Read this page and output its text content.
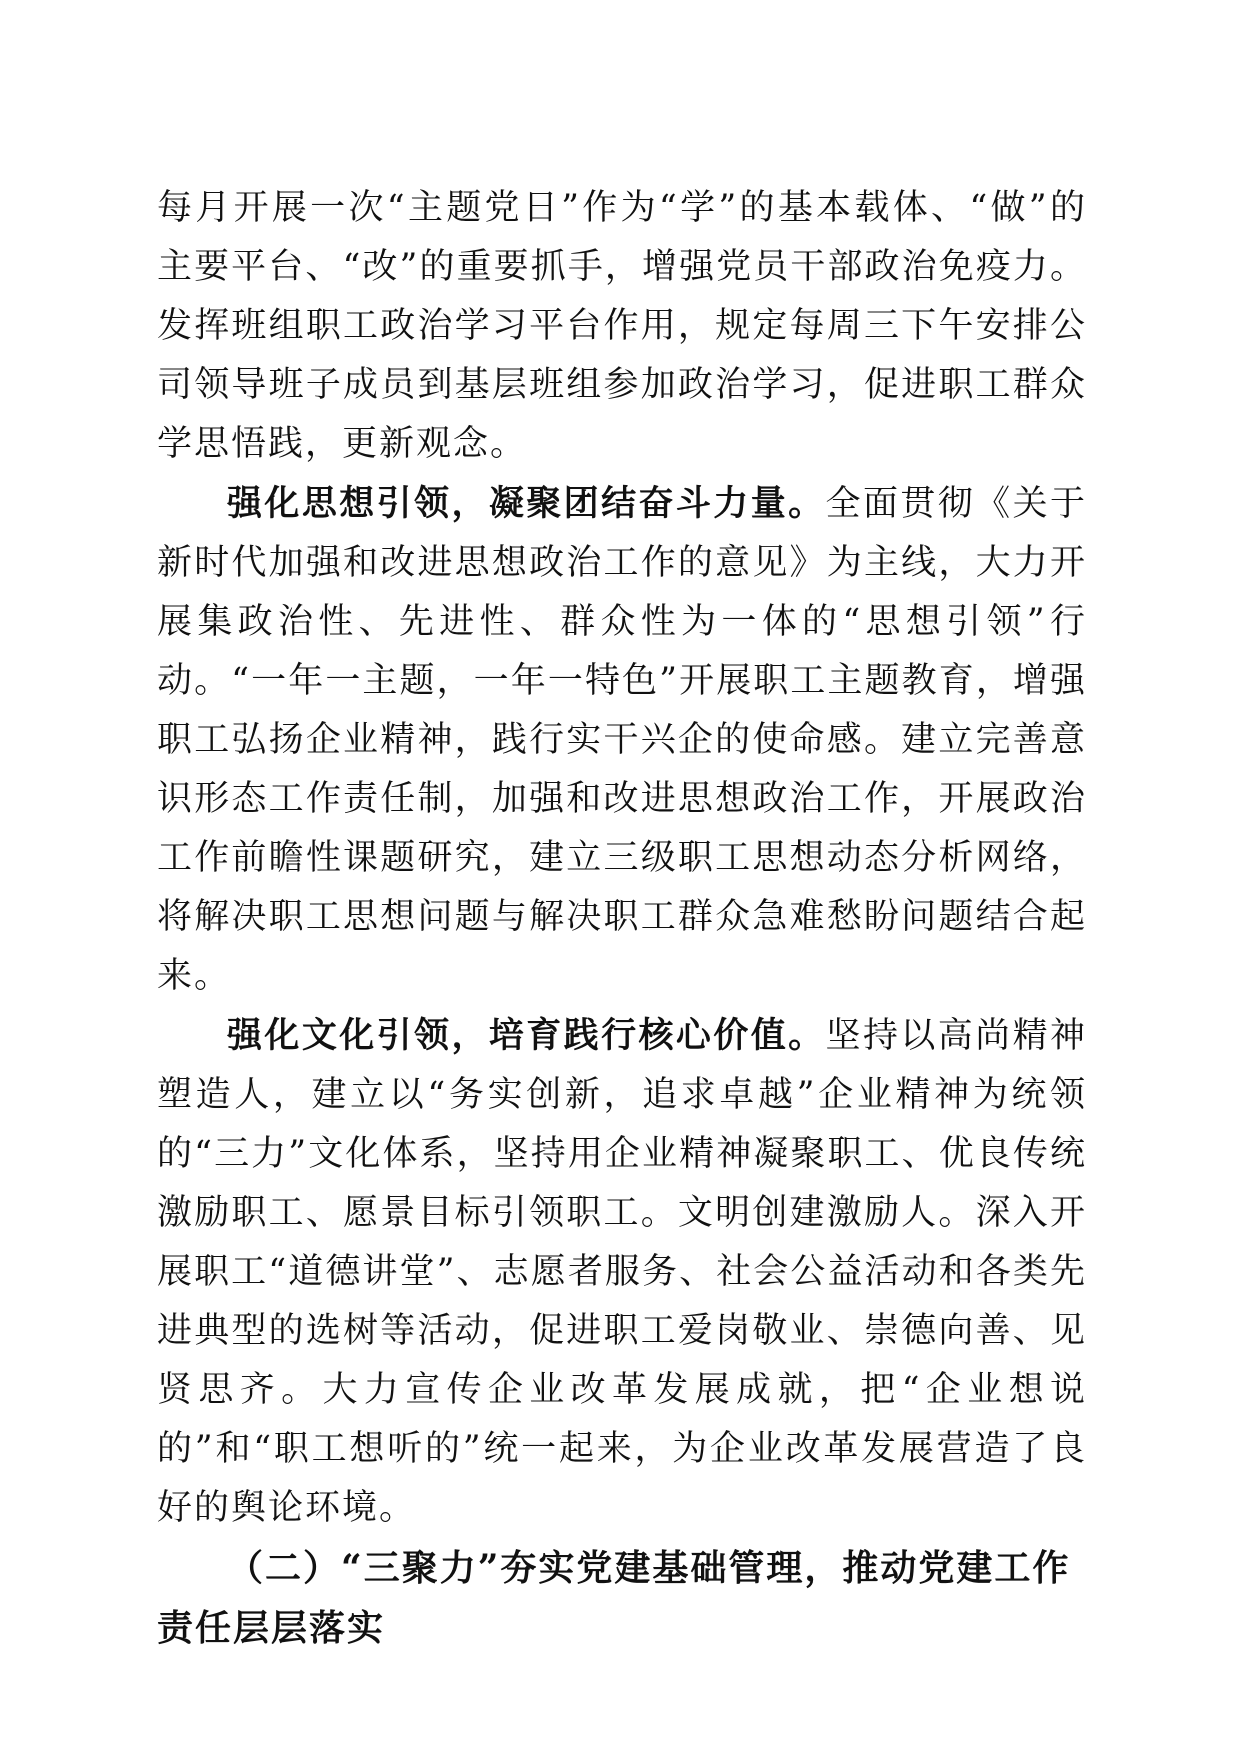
每月开展一次“主题党日”作为“学”的基本载体、“做”的主要平台、“改”的重要抓手，增强党员干部政治免疫力。发挥班组职工政治学习平台作用，规定每周三下午安排公司领导班子成员到基层班组参加政治学习，促进职工群众学思悟践，更新观念。

强化思想引领，凝聚团结奋斗力量。全面贯彻《关于新时代加强和改进思想政治工作的意见》为主线，大力开展集政治性、先进性、群众性为一体的“思想引领”行动。“一年一主题，一年一特色”开展职工主题教育，增强职工弘扬企业精神，践行实干兴企的使命感。建立完善意识形态工作责任制，加强和改进思想政治工作，开展政治工作前瞻性课题研究，建立三级职工思想动态分析网络，将解决职工思想问题与解决职工群众急难愁盼问题结合起来。

强化文化引领，培育践行核心价值。坚持以高尚精神塑造人，建立以“务实创新，追求卓越”企业精神为统领的“三力”文化体系，坚持用企业精神凝聚职工、优良传统激励职工、愿景目标引领职工。文明创建激励人。深入开展职工“道德讲堂”、志愿者服务、社会公益活动和各类先进典型的选树等活动，促进职工爱岗敬业、崇德向善、见贤思齐。大力宣传企业改革发展成就，把“企业想说的”和“职工想听的”统一起来，为企业改革发展营造了良好的舆论环境。

（二）“三聚力”夯实党建基础管理，推动党建工作责任层层落实
